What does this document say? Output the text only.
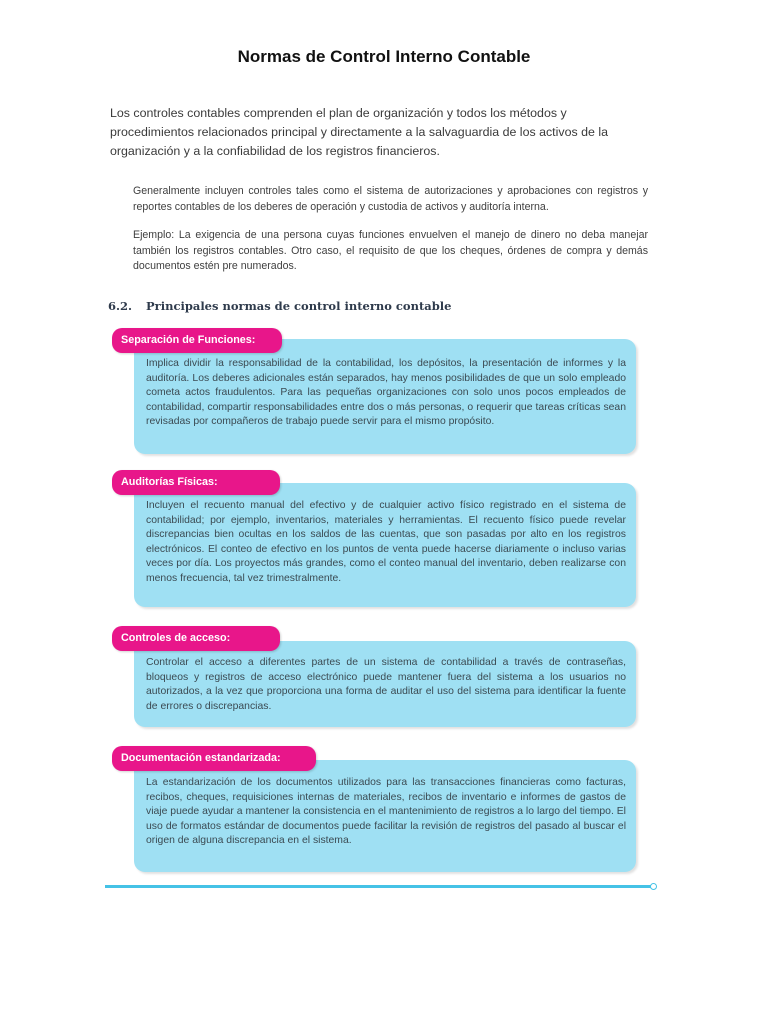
Normas de Control Interno Contable
Los controles contables comprenden el plan de organización y todos los métodos y procedimientos relacionados principal y directamente a la salvaguardia de los activos de la organización y a la confiabilidad de los registros financieros.
Generalmente incluyen controles tales como el sistema de autorizaciones y aprobaciones con registros y reportes contables de los deberes de operación y custodia de activos y auditoría interna.
Ejemplo: La exigencia de una persona cuyas funciones envuelven el manejo de dinero no deba manejar también los registros contables. Otro caso, el requisito de que los cheques, órdenes de compra y demás documentos estén pre numerados.
6.2. Principales normas de control interno contable
Implica dividir la responsabilidad de la contabilidad, los depósitos, la presentación de informes y la auditoría. Los deberes adicionales están separados, hay menos posibilidades de que un solo empleado cometa actos fraudulentos. Para las pequeñas organizaciones con solo unos pocos empleados de contabilidad, compartir responsabilidades entre dos o más personas, o requerir que tareas críticas sean revisadas por compañeros de trabajo puede servir para el mismo propósito.
Separación de Funciones:
Incluyen el recuento manual del efectivo y de cualquier activo físico registrado en el sistema de contabilidad; por ejemplo, inventarios, materiales y herramientas. El recuento físico puede revelar discrepancias bien ocultas en los saldos de las cuentas, que son pasadas por alto en los registros electrónicos. El conteo de efectivo en los puntos de venta puede hacerse diariamente o incluso varias veces por día. Los proyectos más grandes, como el conteo manual del inventario, deben realizarse con menos frecuencia, tal vez trimestralmente.
Auditorías Físicas:
Controlar el acceso a diferentes partes de un sistema de contabilidad a través de contraseñas, bloqueos y registros de acceso electrónico puede mantener fuera del sistema a los usuarios no autorizados, a la vez que proporciona una forma de auditar el uso del sistema para identificar la fuente de errores o discrepancias.
Controles de acceso:
La estandarización de los documentos utilizados para las transacciones financieras como facturas, recibos, cheques, requisiciones internas de materiales, recibos de inventario e informes de gastos de viaje puede ayudar a mantener la consistencia en el mantenimiento de registros a lo largo del tiempo. El uso de formatos estándar de documentos puede facilitar la revisión de registros del pasado al buscar el origen de alguna discrepancia en el sistema.
Documentación estandarizada:
